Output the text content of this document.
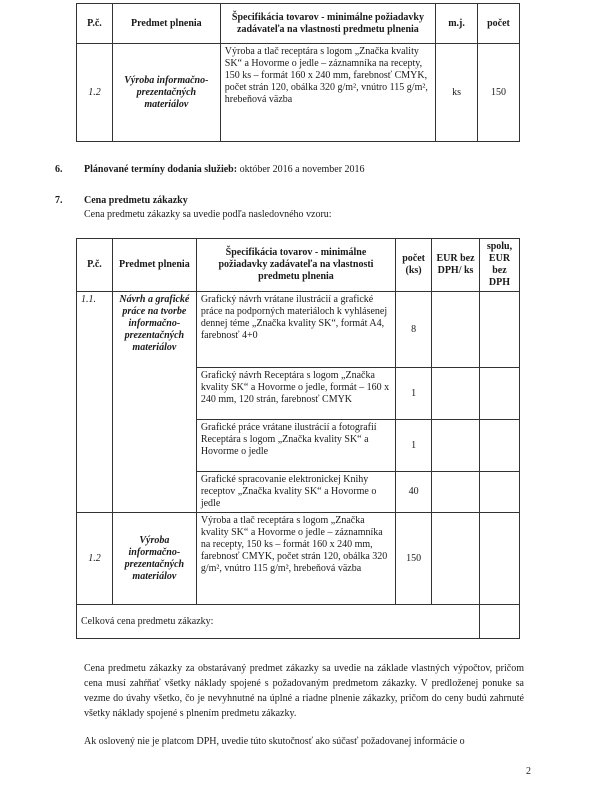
P.č.	Predmet plnenia	Špecifikácia tovarov - minimálne požiadavky zadávateľa na vlastnosti predmetu plnenia	m.j.	počet
1.2	Výroba informačno-prezentačných materiálov	Výroba a tlač receptára s logom „Značka kvality SK“ a Hovorme o jedle – záznamníka na recepty, 150 ks – formát 160 x 240 mm, farebnosť CMYK, počet strán 120, obálka 320 g/m², vnútro 115 g/m², hrebeňová väzba	ks	150
6. Plánované termíny dodania služieb: október 2016 a november 2016
7. Cena predmetu zákazky
Cena predmetu zákazky sa uvedie podľa nasledovného vzoru:
P.č.	Predmet plnenia	Špecifikácia tovarov - minimálne požiadavky zadávateľa na vlastnosti predmetu plnenia	počet (ks)	EUR bez DPH/ ks	spolu, EUR bez DPH
1.1.	Návrh a grafické práce na tvorbe informačno-prezentačných materiálov	Grafický návrh vrátane ilustrácií a grafické práce na podporných materiáloch k vyhlásenej dennej téme „Značka kvality SK“, formát A4, farebnosť 4+0	8		
		Grafický návrh Receptára s logom „Značka kvality SK“ a Hovorme o jedle, formát – 160 x 240 mm, 120 strán, farebnosť CMYK	1		
		Grafické práce vrátane ilustrácií a fotografií Receptára s logom „Značka kvality SK“ a Hovorme o jedle	1		
		Grafické spracovanie elektronickej Knihy receptov „Značka kvality SK“ a Hovorme o jedle	40		
1.2	Výroba informačno-prezentačných materiálov	Výroba a tlač receptára s logom „Značka kvality SK“ a Hovorme o jedle – záznamníka na recepty, 150 ks – formát 160 x 240 mm, farebnosť CMYK, počet strán 120, obálka 320 g/m², vnútro 115 g/m², hrebeňová väzba	150		
Celková cena predmetu zákazky:					
Cena predmetu zákazky za obstarávaný predmet zákazky sa uvedie na základe vlastných výpočtov, pričom cena musí zahŕňať všetky náklady spojené s požadovaným predmetom zákazky. V predloženej ponuke sa vezme do úvahy všetko, čo je nevyhnutné na úplné a riadne plnenie zákazky, pričom do ceny budú zahrnuté všetky náklady spojené s plnením predmetu zákazky.
Ak oslovený nie je platcom DPH, uvedie túto skutočnosť ako súčasť požadovanej informácie o
2
